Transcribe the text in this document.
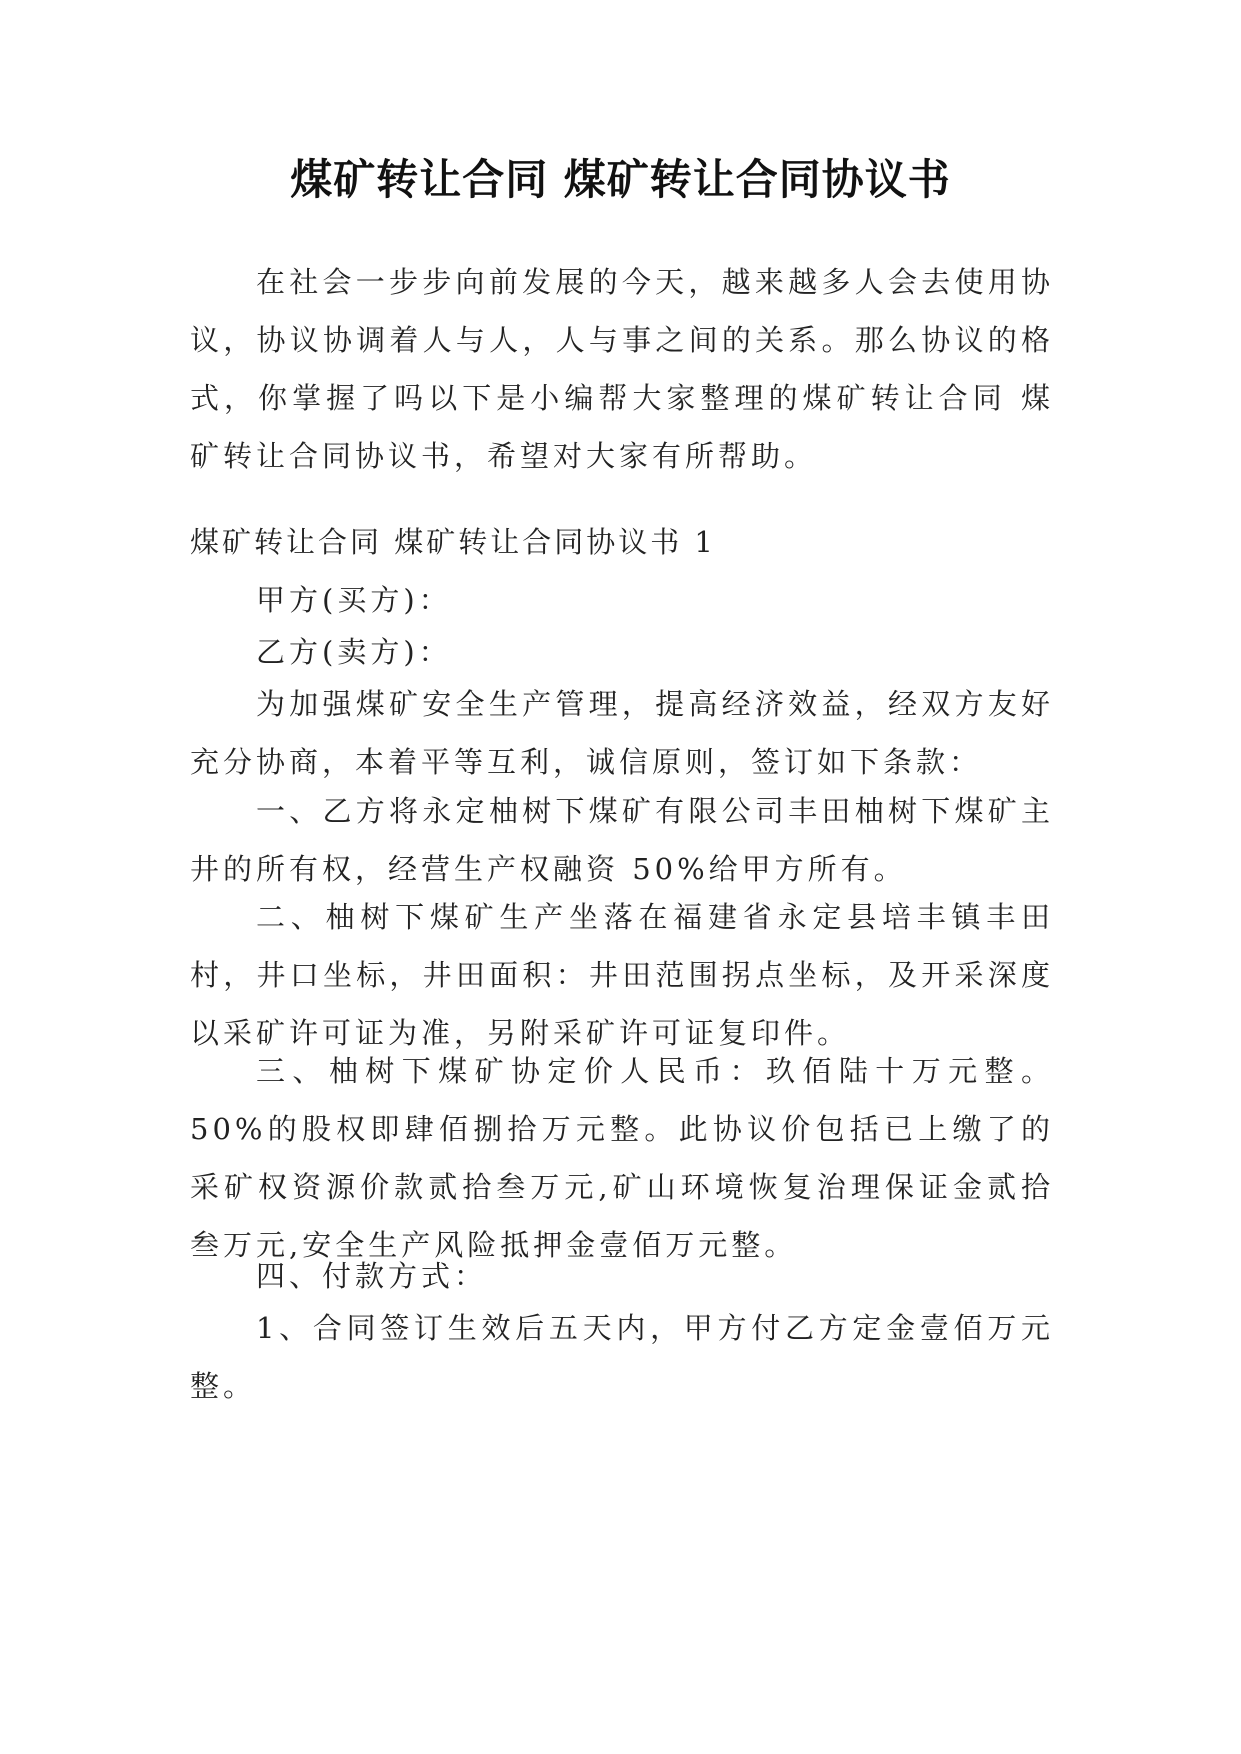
煤矿转让合同 煤矿转让合同协议书

在社会一步步向前发展的今天，越来越多人会去使用协议，协议协调着人与人，人与事之间的关系。那么协议的格式，你掌握了吗以下是小编帮大家整理的煤矿转让合同 煤矿转让合同协议书，希望对大家有所帮助。

煤矿转让合同 煤矿转让合同协议书 1

甲方(买方)：

乙方(卖方)：

为加强煤矿安全生产管理，提高经济效益，经双方友好充分协商，本着平等互利，诚信原则，签订如下条款：

一、乙方将永定柚树下煤矿有限公司丰田柚树下煤矿主井的所有权，经营生产权融资 50%给甲方所有。

二、柚树下煤矿生产坐落在福建省永定县培丰镇丰田村，井口坐标，井田面积：井田范围拐点坐标，及开采深度以采矿许可证为准，另附采矿许可证复印件。

三、柚树下煤矿协定价人民币：玖佰陆十万元整。50%的股权即肆佰捌拾万元整。此协议价包括已上缴了的采矿权资源价款贰拾叁万元,矿山环境恢复治理保证金贰拾叁万元,安全生产风险抵押金壹佰万元整。

四、付款方式：

1、合同签订生效后五天内，甲方付乙方定金壹佰万元整。
